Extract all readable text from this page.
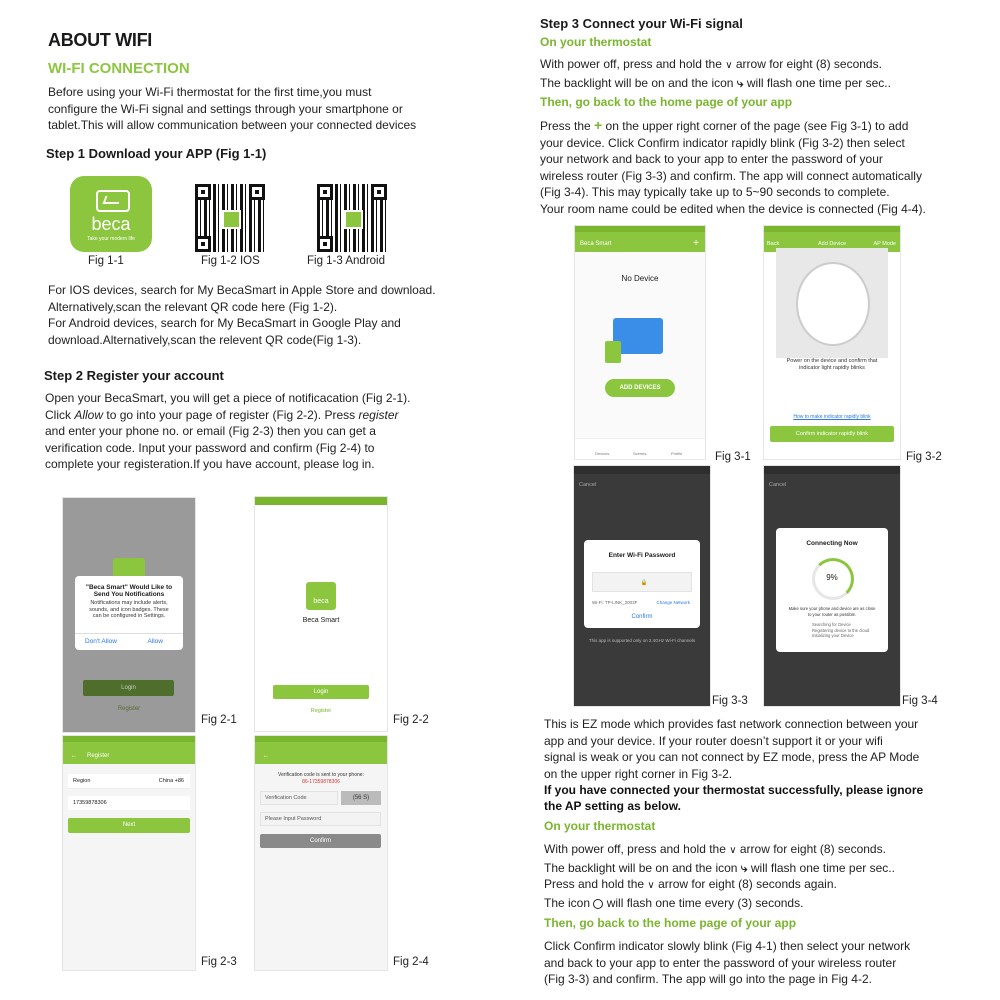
ABOUT WIFI
WI-FI CONNECTION
Before using your Wi-Fi thermostat for the first time,you must
configure the Wi-Fi signal and settings through your smartphone or
tablet.This will allow communication between your connected devices
Step 1 Download your APP (Fig 1-1)
beca
Take your modern life
Fig 1-1	Fig 1-2 IOS	Fig 1-3 Android
For IOS devices, search for My BecaSmart in Apple Store and download.
Alternatively,scan the relevant QR code here (Fig 1-2).
For Android devices, search for My BecaSmart in Google Play and
download.Alternatively,scan the relevent QR code(Fig 1-3).
Step 2 Register your account
Open your BecaSmart, you will get a piece of notificacation (Fig 2-1).
Click Allow to go into your page of register (Fig 2-2). Press register
and enter your phone no. or email (Fig 2-3) then you can get a
verification code. Input your password and confirm (Fig 2-4) to
complete your registeration.If you have account, please log in.
"Beca Smart" Would Like to Send You Notifications
Notifications may include alerts, sounds, and icon badges. These can be configured in Settings.
Don't Allow	Allow
Login
Register
Fig 2-1
beca
Beca Smart
Login
Register
Fig 2-2
← Register
Region	China +86
17359878306
Next
Fig 2-3
←
Verification code is sent to your phone:
86-17359878306
Verification Code	(56 S)
Please Input Password
Confirm
Fig 2-4
Step 3 Connect your Wi-Fi signal
On your thermostat
With power off, press and hold the ∨ arrow for eight (8) seconds.
The backlight will be on and the icon ⤷ will flash one time per sec..
Then, go back to the home page of your app
Press the + on the upper right corner of the page (see Fig 3-1) to add
your device. Click Confirm indicator rapidly blink (Fig 3-2) then select
your network and back to your app to enter the password of your
wireless router (Fig 3-3) and confirm. The app will connect automatically
(Fig 3-4). This may typically take up to 5~90 seconds to complete.
Your room name could be edited when the device is connected (Fig 4-4).
Beca Smart	+
No Device
ADD DEVICES
Devices	Scenes	Profile	Fig 3-1
Back	Add Device	AP Mode
Power on the device and confirm that indicator light rapidly blinks
How to make indicator rapidly blink
Confirm indicator rapidly blink
Fig 3-2
Cancel
Enter Wi-Fi Password
🔒
Wi-Fi: TP-LINK_2003F	Change Network
Confirm
This app is supported only on 2.4GHz Wi-Fi channels
Fig 3-3
Cancel
Connecting Now
9%
Make sure your phone and device are as close to your router as possible.
Searching for Device
Registering device to the cloud
Initializing your Device
Fig 3-4
This is EZ mode which provides fast network connection between your
app and your device. If your router doesn’t support it or your wifi
signal is weak or you can not connect by EZ mode, press the AP Mode
on the upper right corner in Fig 3-2.
If you have connected your thermostat successfully, please ignore
the AP setting as below.
On your thermostat
With power off, press and hold the ∨ arrow for eight (8) seconds.
The backlight will be on and the icon ⤷ will flash one time per sec..
Press and hold the ∨ arrow for eight (8) seconds again.
The icon  will flash one time every (3) seconds.
Then, go back to the home page of your app
Click Confirm indicator slowly blink (Fig 4-1) then select your network
and back to your app to enter the password of your wireless router
(Fig 3-3) and confirm. The app will go into the page in Fig 4-2.
